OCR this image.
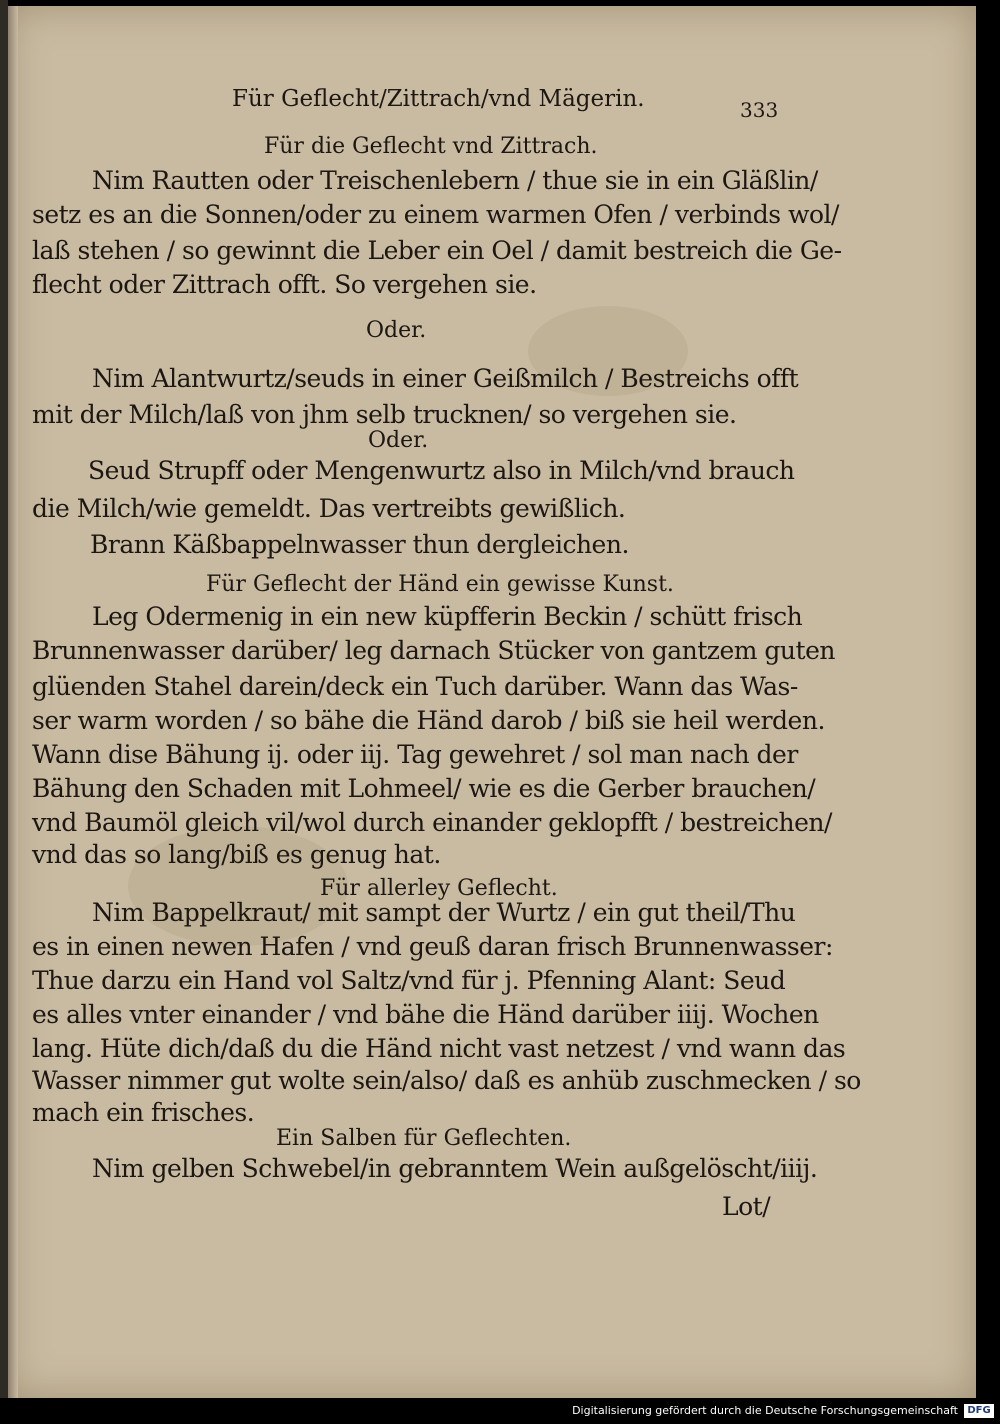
Für Geflecht/Zittrach/vnd Mägerin.	333
Für die Geflecht vnd Zittrach.
Nim Rautten oder Treischenlebern / thue sie in ein Gläßlin/
setz es an die Sonnen/oder zu einem warmen Ofen / verbinds wol/
laß stehen / so gewinnt die Leber ein Oel / damit bestreich die Ge-
flecht oder Zittrach offt. So vergehen sie.
Oder.
Nim Alantwurtz/seuds in einer Geißmilch / Bestreichs offt
mit der Milch/laß von jhm selb trucknen/ so vergehen sie.
Oder.
Seud Strupff oder Mengenwurtz also in Milch/vnd brauch
die Milch/wie gemeldt. Das vertreibts gewißlich.
Brann Käßbappelnwasser thun dergleichen.
Für Geflecht der Händ ein gewisse Kunst.
Leg Odermenig in ein new küpfferin Beckin / schütt frisch
Brunnenwasser darüber/ leg darnach Stücker von gantzem guten
glüenden Stahel darein/deck ein Tuch darüber. Wann das Was-
ser warm worden / so bähe die Händ darob / biß sie heil werden.
Wann dise Bähung ij. oder iij. Tag gewehret / sol man nach der
Bähung den Schaden mit Lohmeel/ wie es die Gerber brauchen/
vnd Baumöl gleich vil/wol durch einander geklopfft / bestreichen/
vnd das so lang/biß es genug hat.
Für allerley Geflecht.
Nim Bappelkraut/ mit sampt der Wurtz / ein gut theil/Thu
es in einen newen Hafen / vnd geuß daran frisch Brunnenwasser:
Thue darzu ein Hand vol Saltz/vnd für j. Pfenning Alant: Seud
es alles vnter einander / vnd bähe die Händ darüber iiij. Wochen
lang. Hüte dich/daß du die Händ nicht vast netzest / vnd wann das
Wasser nimmer gut wolte sein/also/ daß es anhüb zuschmecken / so
mach ein frisches.
Ein Salben für Geflechten.
Nim gelben Schwebel/in gebranntem Wein außgelöscht/iiij.
Lot/
Digitalisierung gefördert durch die Deutsche Forschungsgemeinschaft DFG
